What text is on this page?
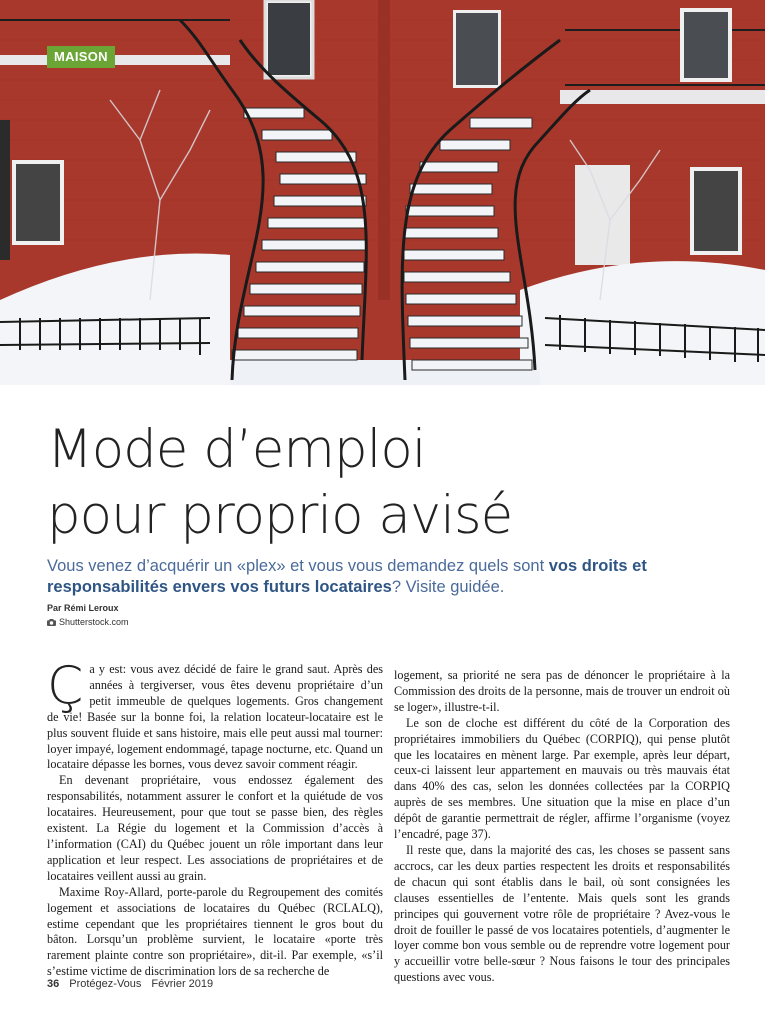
MAISON
Mode d’emploi
pour proprio avisé

Vous venez d’acquérir un «plex» et vous vous demandez quels sont vos droits et responsabilités envers vos futurs locataires? Visite guidée.

Par Rémi Leroux
Shutterstock.com

Ça y est: vous avez décidé de faire le grand saut. Après des années à tergiverser, vous êtes devenu propriétaire d’un petit immeuble de quelques logements. Gros changement de vie! Basée sur la bonne foi, la relation locateur-locataire est le plus souvent fluide et sans histoire, mais elle peut aussi mal tourner: loyer impayé, logement endommagé, tapage nocturne, etc. Quand un locataire dépasse les bornes, vous devez savoir comment réagir.

En devenant propriétaire, vous endossez également des responsabilités, notamment assurer le confort et la quiétude de vos locataires. Heureusement, pour que tout se passe bien, des règles existent. La Régie du logement et la Commission d’accès à l’information (CAI) du Québec jouent un rôle important dans leur application et leur respect. Les associations de propriétaires et de locataires veillent aussi au grain.

Maxime Roy-Allard, porte-parole du Regroupement des comités logement et associations de locataires du Québec (RCLALQ), estime cependant que les propriétaires tiennent le gros bout du bâton. Lorsqu’un problème survient, le locataire «porte très rarement plainte contre son propriétaire», dit-il. Par exemple, «s’il s’estime victime de discrimination lors de sa recherche de

logement, sa priorité ne sera pas de dénoncer le propriétaire à la Commission des droits de la personne, mais de trouver un endroit où se loger», illustre-t-il.

Le son de cloche est différent du côté de la Corporation des propriétaires immobiliers du Québec (CORPIQ), qui pense plutôt que les locataires en mènent large. Par exemple, après leur départ, ceux-ci laissent leur appartement en mauvais ou très mauvais état dans 40% des cas, selon les données collectées par la CORPIQ auprès de ses membres. Une situation que la mise en place d’un dépôt de garantie permettrait de régler, affirme l’organisme (voyez l’encadré, page 37).

Il reste que, dans la majorité des cas, les choses se passent sans accrocs, car les deux parties respectent les droits et responsabilités de chacun qui sont établis dans le bail, où sont consignées les clauses essentielles de l’entente. Mais quels sont les grands principes qui gouvernent votre rôle de propriétaire ? Avez-vous le droit de fouiller le passé de vos locataires potentiels, d’augmenter le loyer comme bon vous semble ou de reprendre votre logement pour y accueillir votre belle-sœur ? Nous faisons le tour des principales questions avec vous.

36 Protégez-Vous Février 2019
